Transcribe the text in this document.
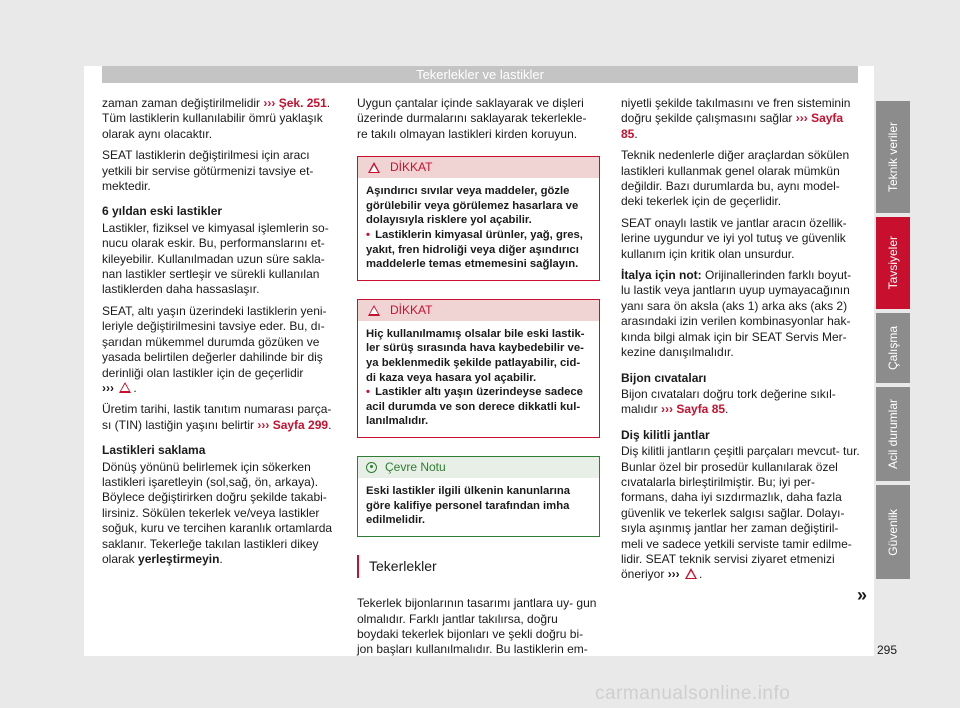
Tekerlekler ve lastikler

zaman zaman değiştirilmelidir ››› Şek. 251. Tüm lastiklerin kullanılabilir ömrü yaklaşık olarak aynı olacaktır.

SEAT lastiklerin değiştirilmesi için aracı yetkili bir servise götürmenizi tavsiye et- mektedir.

6 yıldan eski lastikler

Lastikler, fiziksel ve kimyasal işlemlerin so- nucu olarak eskir. Bu, performanslarını et- kileyebilir. Kullanılmadan uzun süre sakla- nan lastikler sertleşir ve sürekli kullanılan lastiklerden daha hassaslaşır.

SEAT, altı yaşın üzerindeki lastiklerin yeni- leriyle değiştirilmesini tavsiye eder. Bu, dı- şarıdan mükemmel durumda gözüken ve yasada belirtilen değerler dahilinde bir diş derinliği olan lastikler için de geçerlidir
››› .

Üretim tarihi, lastik tanıtım numarası parça- sı (TIN) lastiğin yaşını belirtir ››› Sayfa 299.

Lastikleri saklama

Dönüş yönünü belirlemek için sökerken lastikleri işaretleyin (sol,sağ, ön, arkaya). Böylece değiştirirken doğru şekilde takabi- lirsiniz. Sökülen tekerlek ve/veya lastikler soğuk, kuru ve tercihen karanlık ortamlarda saklanır. Tekerleğe takılan lastikleri dikey olarak yerleştirmeyin.

Uygun çantalar içinde saklayarak ve dişleri üzerinde durmalarını saklayarak tekerlekle- re takılı olmayan lastikleri kirden koruyun.

DİKKAT

Aşındırıcı sıvılar veya maddeler, gözle görülebilir veya görülemez hasarlara ve dolayısıyla risklere yol açabilir.

• Lastiklerin kimyasal ürünler, yağ, gres, yakıt, fren hidroliği veya diğer aşındırıcı maddelerle temas etmemesini sağlayın.

DİKKAT

Hiç kullanılmamış olsalar bile eski lastik- ler sürüş sırasında hava kaybedebilir ve- ya beklenmedik şekilde patlayabilir, cid- di kaza veya hasara yol açabilir.

• Lastikler altı yaşın üzerindeyse sadece acil durumda ve son derece dikkatli kul- lanılmalıdır.

Çevre Notu

Eski lastikler ilgili ülkenin kanunlarına göre kalifiye personel tarafından imha edilmelidir.

Tekerlekler

Tekerlek bijonlarının tasarımı jantlara uy- gun olmalıdır. Farklı jantlar takılırsa, doğru boydaki tekerlek bijonları ve şekli doğru bi- jon başları kullanılmalıdır. Bu lastiklerin em-

niyetli şekilde takılmasını ve fren sisteminin doğru şekilde çalışmasını sağlar ››› Sayfa 85.

Teknik nedenlerle diğer araçlardan sökülen lastikleri kullanmak genel olarak mümkün değildir. Bazı durumlarda bu, aynı model- deki tekerlek için de geçerlidir.

SEAT onaylı lastik ve jantlar aracın özellik- lerine uygundur ve iyi yol tutuş ve güvenlik kullanım için kritik olan unsurdur.

İtalya için not: Orijinallerinden farklı boyut- lu lastik veya jantların uyup uymayacağının yanı sara ön aksla (aks 1) arka aks (aks 2) arasındaki izin verilen kombinasyonlar hak- kında bilgi almak için bir SEAT Servis Mer- kezine danışılmalıdır.

Bijon cıvataları

Bijon cıvataları doğru tork değerine sıkıl- malıdır ››› Sayfa 85.

Diş kilitli jantlar

Diş kilitli jantların çeşitli parçaları mevcut- tur. Bunlar özel bir prosedür kullanılarak özel cıvatalarla birleştirilmiştir. Bu; iyi per- formans, daha iyi sızdırmazlık, daha fazla güvenlik ve tekerlek salgısı sağlar. Dolayı- sıyla aşınmış jantlar her zaman değiştiril- meli ve sadece yetkili serviste tamir edilme- lidir. SEAT teknik servisi ziyaret etmenizi öneriyor ››› .

Teknik veriler
Tavsiyeler
Çalışma
Acil durumlar
Güvenlik
»
295
carmanualsonline.info
